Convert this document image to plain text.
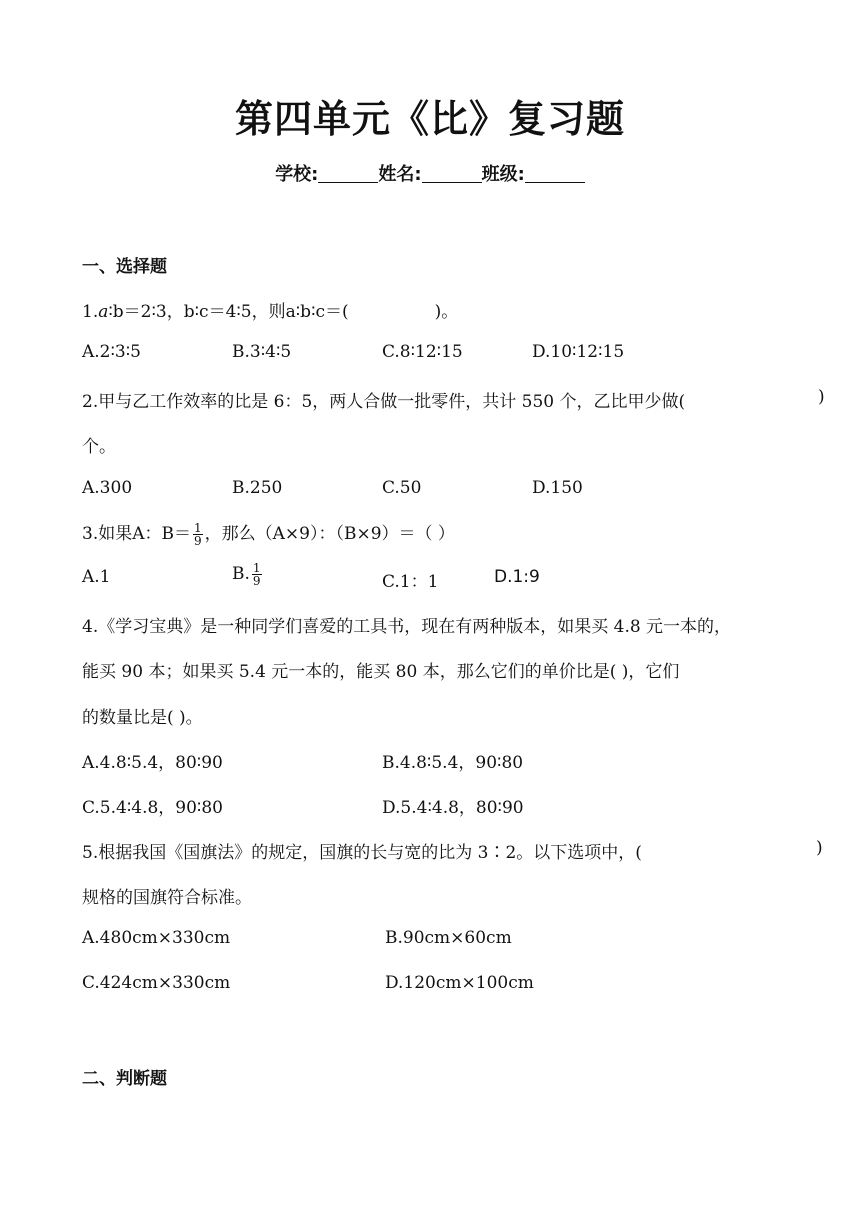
第四单元《比》复习题
学校:	姓名:	班级:
一、选择题
1.a∶b＝2∶3，b∶c＝4∶5，则a∶b∶c＝(	)。
A.2∶3∶5	B.3∶4∶5	C.8∶12∶15	D.10∶12∶15
2.甲与乙工作效率的比是 6：5，两人合做一批零件，共计 550 个，乙比甲少做(	)
个。
A.300	B.250	C.50	D.150
3.如果A：$B= \frac{1}{9}$ ，那么（A×9）：（B×9）＝（ ）
A.1	B. $\frac{1}{9}$	C.1：1	D.1:9
4.《学习宝典》是一种同学们喜爱的工具书，现在有两种版本，如果买 4.8 元一本的，
能买 90 本；如果买 5.4 元一本的，能买 80 本，那么它们的单价比是( )，它们
的数量比是( )。
A.4.8∶5.4，80∶90	B.4.8∶5.4，90∶80
C.5.4∶4.8，90∶80	D.5.4∶4.8，80∶90
5.根据我国《国旗法》的规定，国旗的长与宽的比为 3∶2。以下选项中，(	)
规格的国旗符合标准。
A.480cm×330cm	B.90cm×60cm
C.424cm×330cm	D.120cm×100cm
二、判断题
